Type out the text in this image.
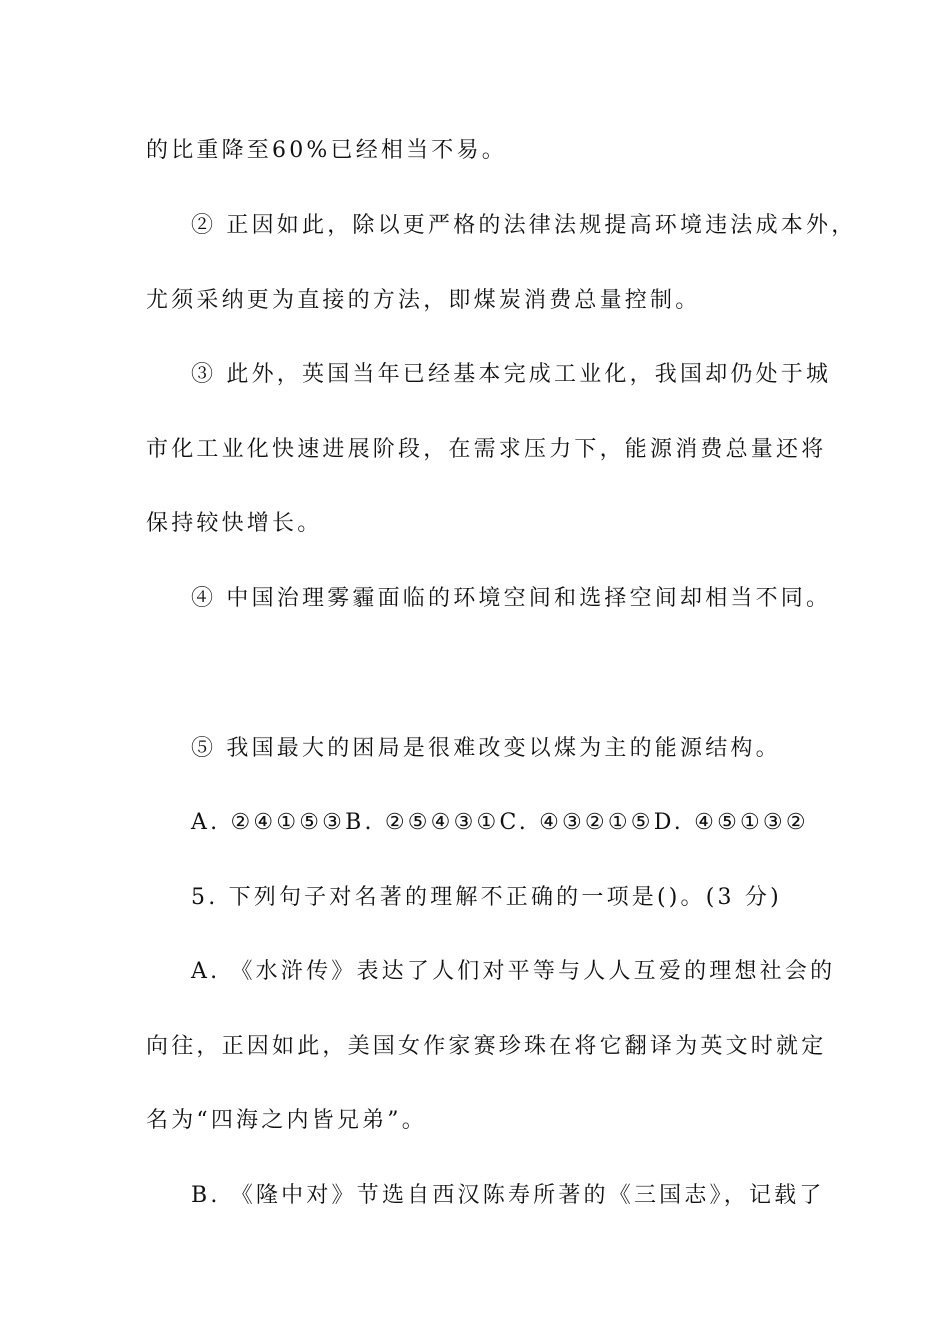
的比重降至60%已经相当不易。
② 正因如此，除以更严格的法律法规提高环境违法成本外，
尤须采纳更为直接的方法，即煤炭消费总量控制。
③ 此外，英国当年已经基本完成工业化，我国却仍处于城
市化工业化快速进展阶段，在需求压力下，能源消费总量还将
保持较快增长。
④ 中国治理雾霾面临的环境空间和选择空间却相当不同。
⑤ 我国最大的困局是很难改变以煤为主的能源结构。
A. ②④①⑤③B. ②⑤④③①C. ④③②①⑤D. ④⑤①③②
5. 下列句子对名著的理解不正确的一项是()。(3 分)
A. 《水浒传》表达了人们对平等与人人互爱的理想社会的
向往，正因如此，美国女作家赛珍珠在将它翻译为英文时就定
名为“四海之内皆兄弟”。
B. 《隆中对》节选自西汉陈寿所著的《三国志》，记载了
